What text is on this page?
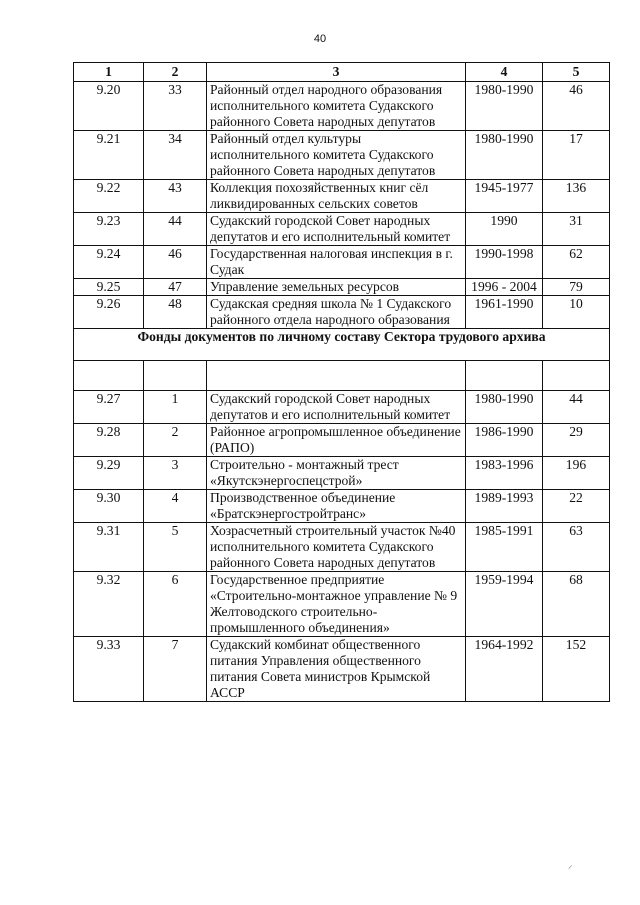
40
1	2	3	4	5
9.20	33	Районный отдел народного образования исполнительного комитета Судакского районного Совета народных депутатов	1980-1990	46
9.21	34	Районный отдел культуры исполнительного комитета Судакского районного Совета народных депутатов	1980-1990	17
9.22	43	Коллекция похозяйственных книг сёл ликвидированных сельских советов	1945-1977	136
9.23	44	Судакский городской Совет народных депутатов и его исполнительный комитет	1990	31
9.24	46	Государственная налоговая инспекция в г. Судак	1990-1998	62
9.25	47	Управление земельных ресурсов	1996 - 2004	79
9.26	48	Судакская средняя школа № 1 Судакского районного отдела народного образования	1961-1990	10
Фонды документов по личному составу Сектора трудового архива				

9.27	1	Судакский городской Совет народных депутатов и его исполнительный комитет	1980-1990	44
9.28	2	Районное агропромышленное объединение (РАПО)	1986-1990	29
9.29	3	Строительно - монтажный трест «Якутскэнергоспецстрой»	1983-1996	196
9.30	4	Производственное объединение «Братскэнергостройтранс»	1989-1993	22
9.31	5	Хозрасчетный строительный участок №40 исполнительного комитета Судакского районного Совета народных депутатов	1985-1991	63
9.32	6	Государственное предприятие «Строительно-монтажное управление № 9 Желтоводского строительно-промышленного объединения»	1959-1994	68
9.33	7	Судакский комбинат общественного питания Управления общественного питания Совета министров Крымской АССР	1964-1992	152
⸝
